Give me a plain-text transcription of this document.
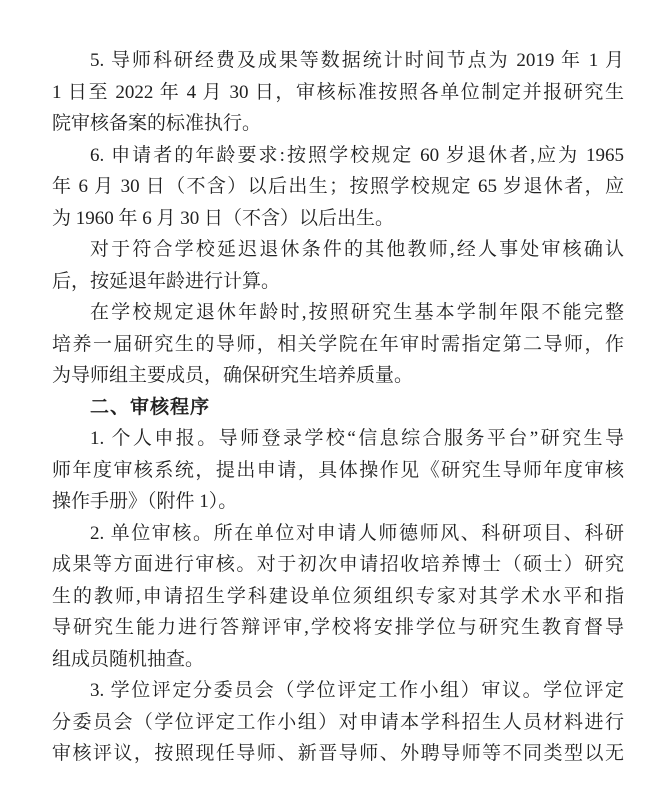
5. 导师科研经费及成果等数据统计时间节点为 2019 年 1 月
1 日至 2022 年 4 月 30 日，审核标准按照各单位制定并报研究生
院审核备案的标准执行。
6. 申请者的年龄要求:按照学校规定 60 岁退休者,应为 1965
年 6 月 30 日（不含）以后出生；按照学校规定 65 岁退休者，应
为 1960 年 6 月 30 日（不含）以后出生。
对于符合学校延迟退休条件的其他教师,经人事处审核确认
后，按延退年龄进行计算。
在学校规定退休年龄时,按照研究生基本学制年限不能完整
培养一届研究生的导师，相关学院在年审时需指定第二导师，作
为导师组主要成员，确保研究生培养质量。
二、审核程序
1. 个人申报。导师登录学校“信息综合服务平台”研究生导
师年度审核系统，提出申请，具体操作见《研究生导师年度审核
操作手册》（附件 1）。
2. 单位审核。所在单位对申请人师德师风、科研项目、科研
成果等方面进行审核。对于初次申请招收培养博士（硕士）研究
生的教师,申请招生学科建设单位须组织专家对其学术水平和指
导研究生能力进行答辩评审,学校将安排学位与研究生教育督导
组成员随机抽查。
3. 学位评定分委员会（学位评定工作小组）审议。学位评定
分委员会（学位评定工作小组）对申请本学科招生人员材料进行
审核评议，按照现任导师、新晋导师、外聘导师等不同类型以无
